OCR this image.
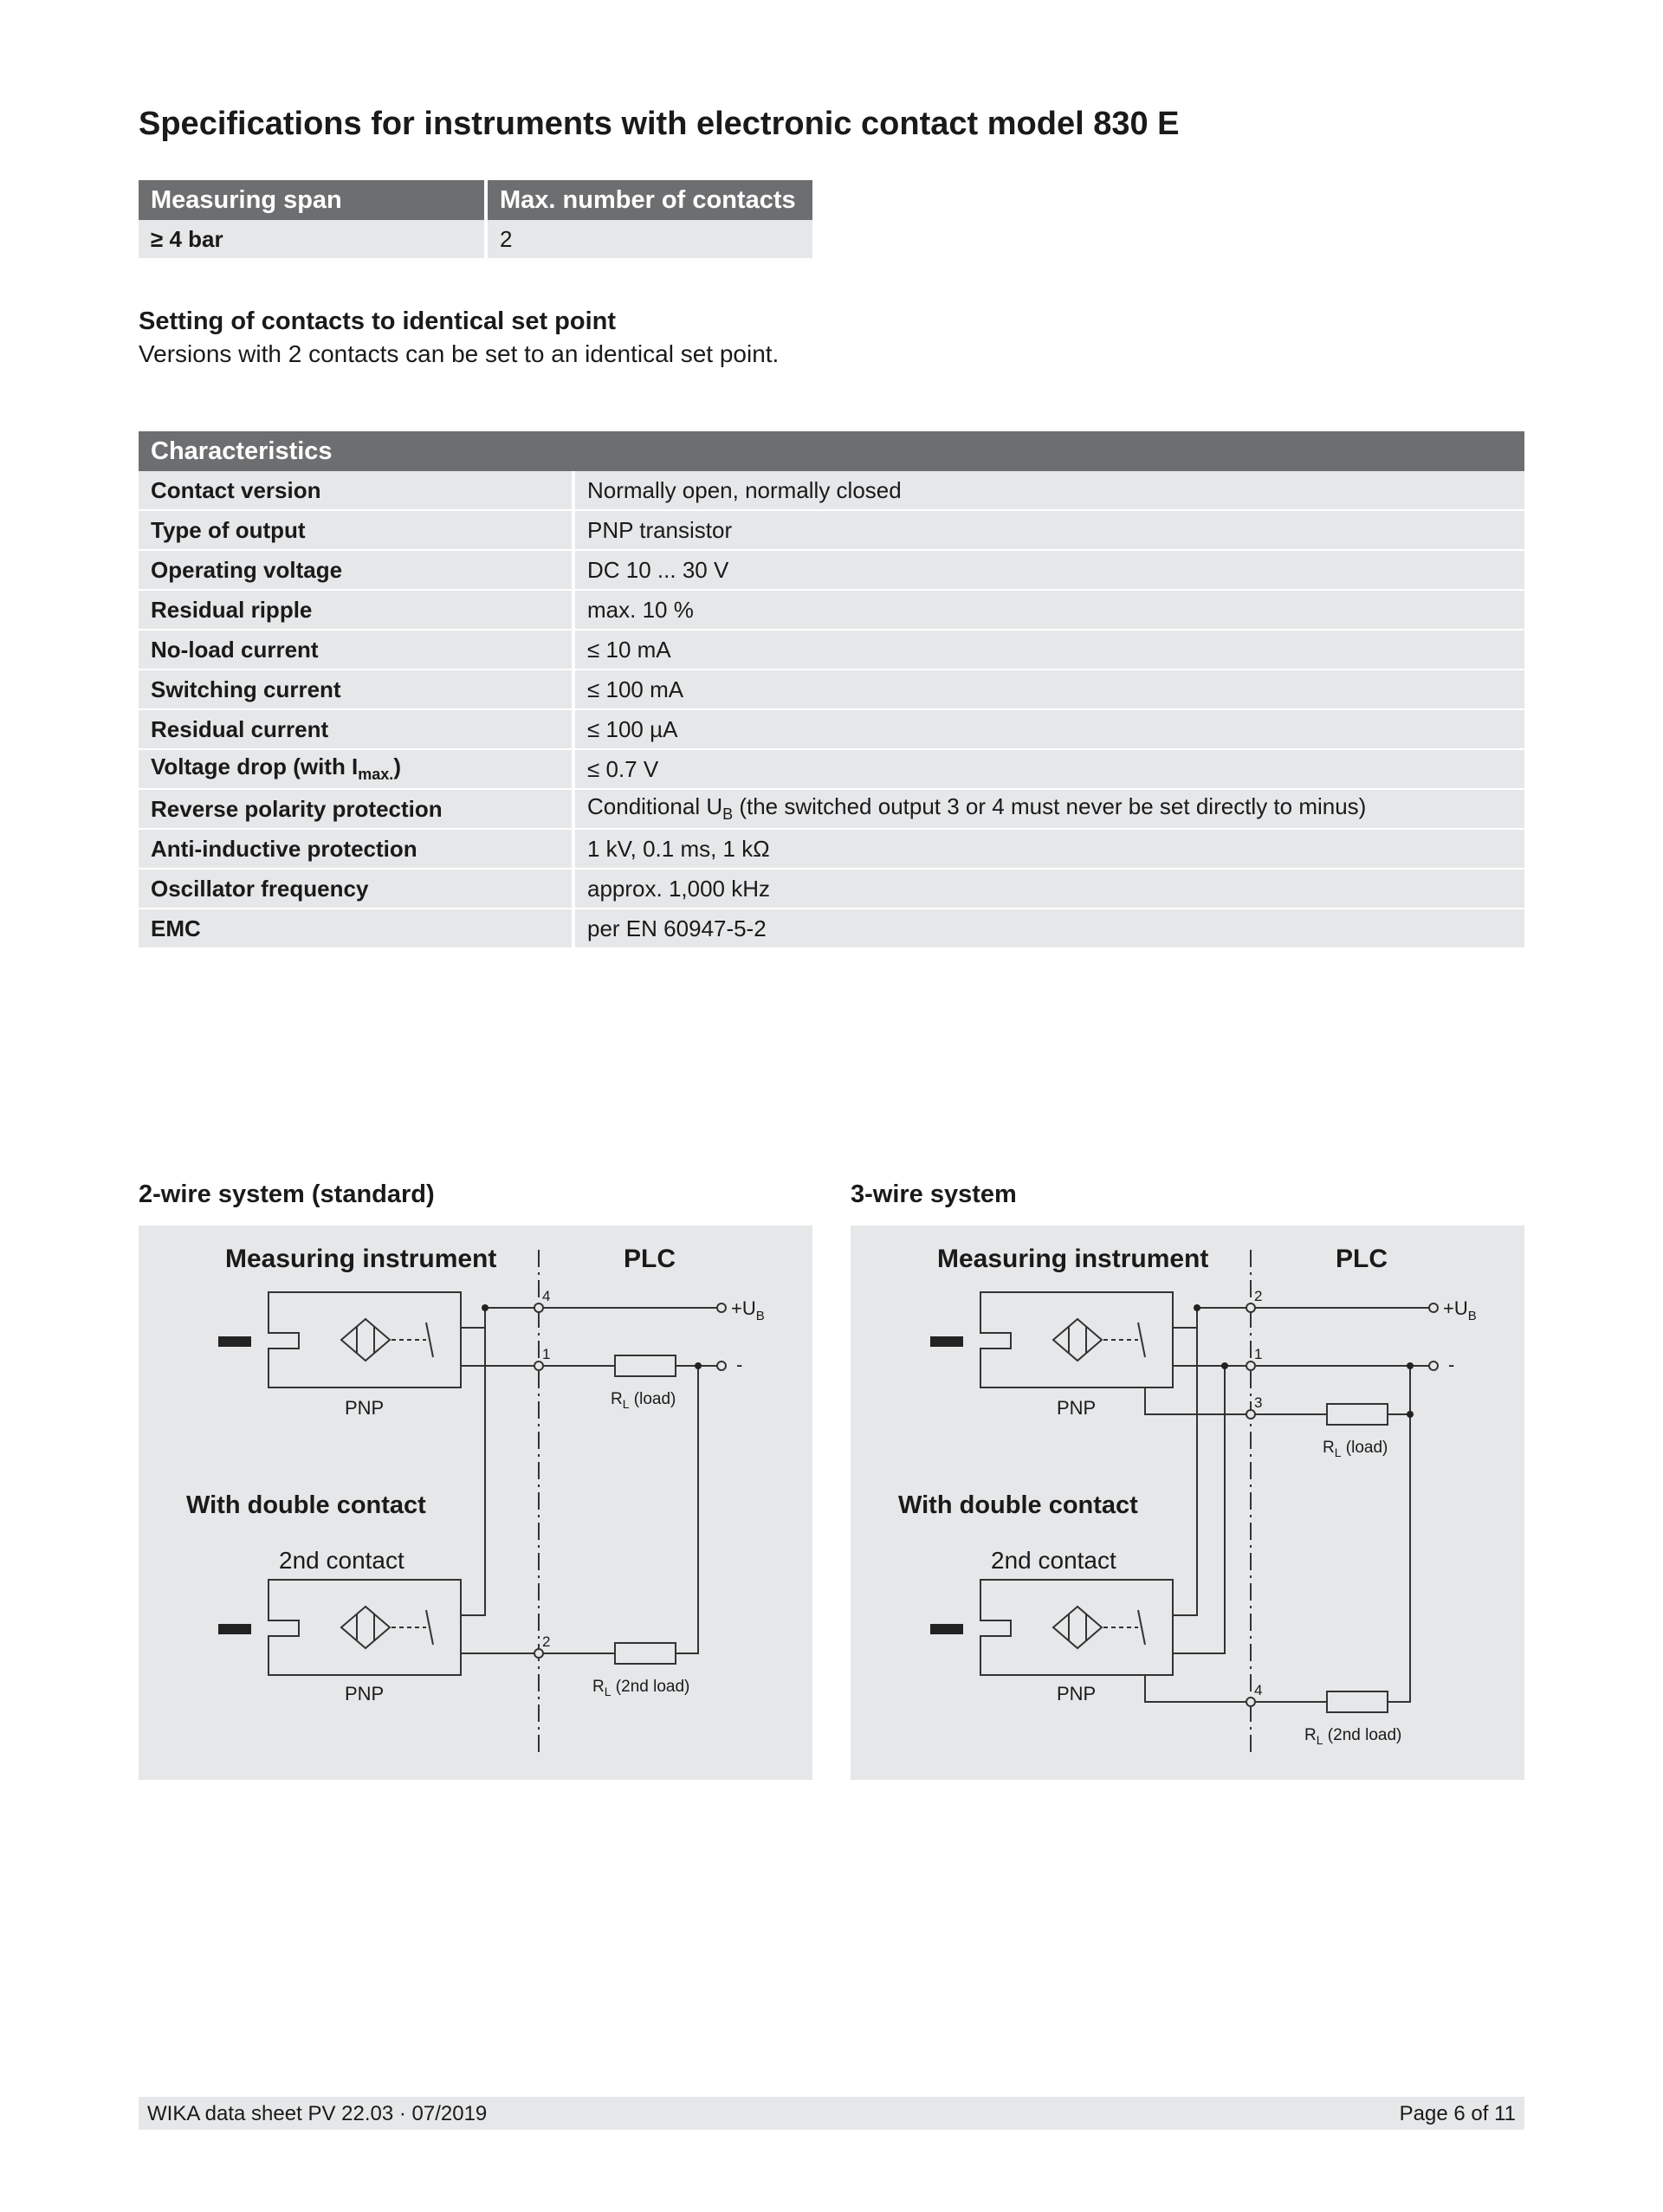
Specifications for instruments with electronic contact model 830 E
Measuring span	Max. number of contacts
≥ 4 bar	2
Setting of contacts to identical set point
Versions with 2 contacts can be set to an identical set point.
Characteristics	
Contact version	Normally open, normally closed
Type of output	PNP transistor
Operating voltage	DC 10 ... 30 V
Residual ripple	max. 10 %
No-load current	≤ 10 mA
Switching current	≤ 100 mA
Residual current	≤ 100 µA
Voltage drop (with $I_{max.}$)	≤ 0.7 V
Reverse polarity protection	Conditional $U_B$ (the switched output 3 or 4 must never be set directly to minus)
Anti-inductive protection	1 kV, 0.1 ms, 1 kΩ
Oscillator frequency	approx. 1,000 kHz
EMC	per EN 60947-5-2
2-wire system (standard)	3-wire system
Measuring instrument	PLC
PNP
With double contact
2nd contact
PNP
4
1
2
$+U_B$
-
$R_L$ (load)
$R_L$ (2nd load)
Measuring instrument	PLC
PNP
With double contact
2nd contact
PNP
2
1
3
4
$+U_B$
-
$R_L$ (load)
$R_L$ (2nd load)
WIKA data sheet PV 22.03 · 07/2019	Page 6 of 11
